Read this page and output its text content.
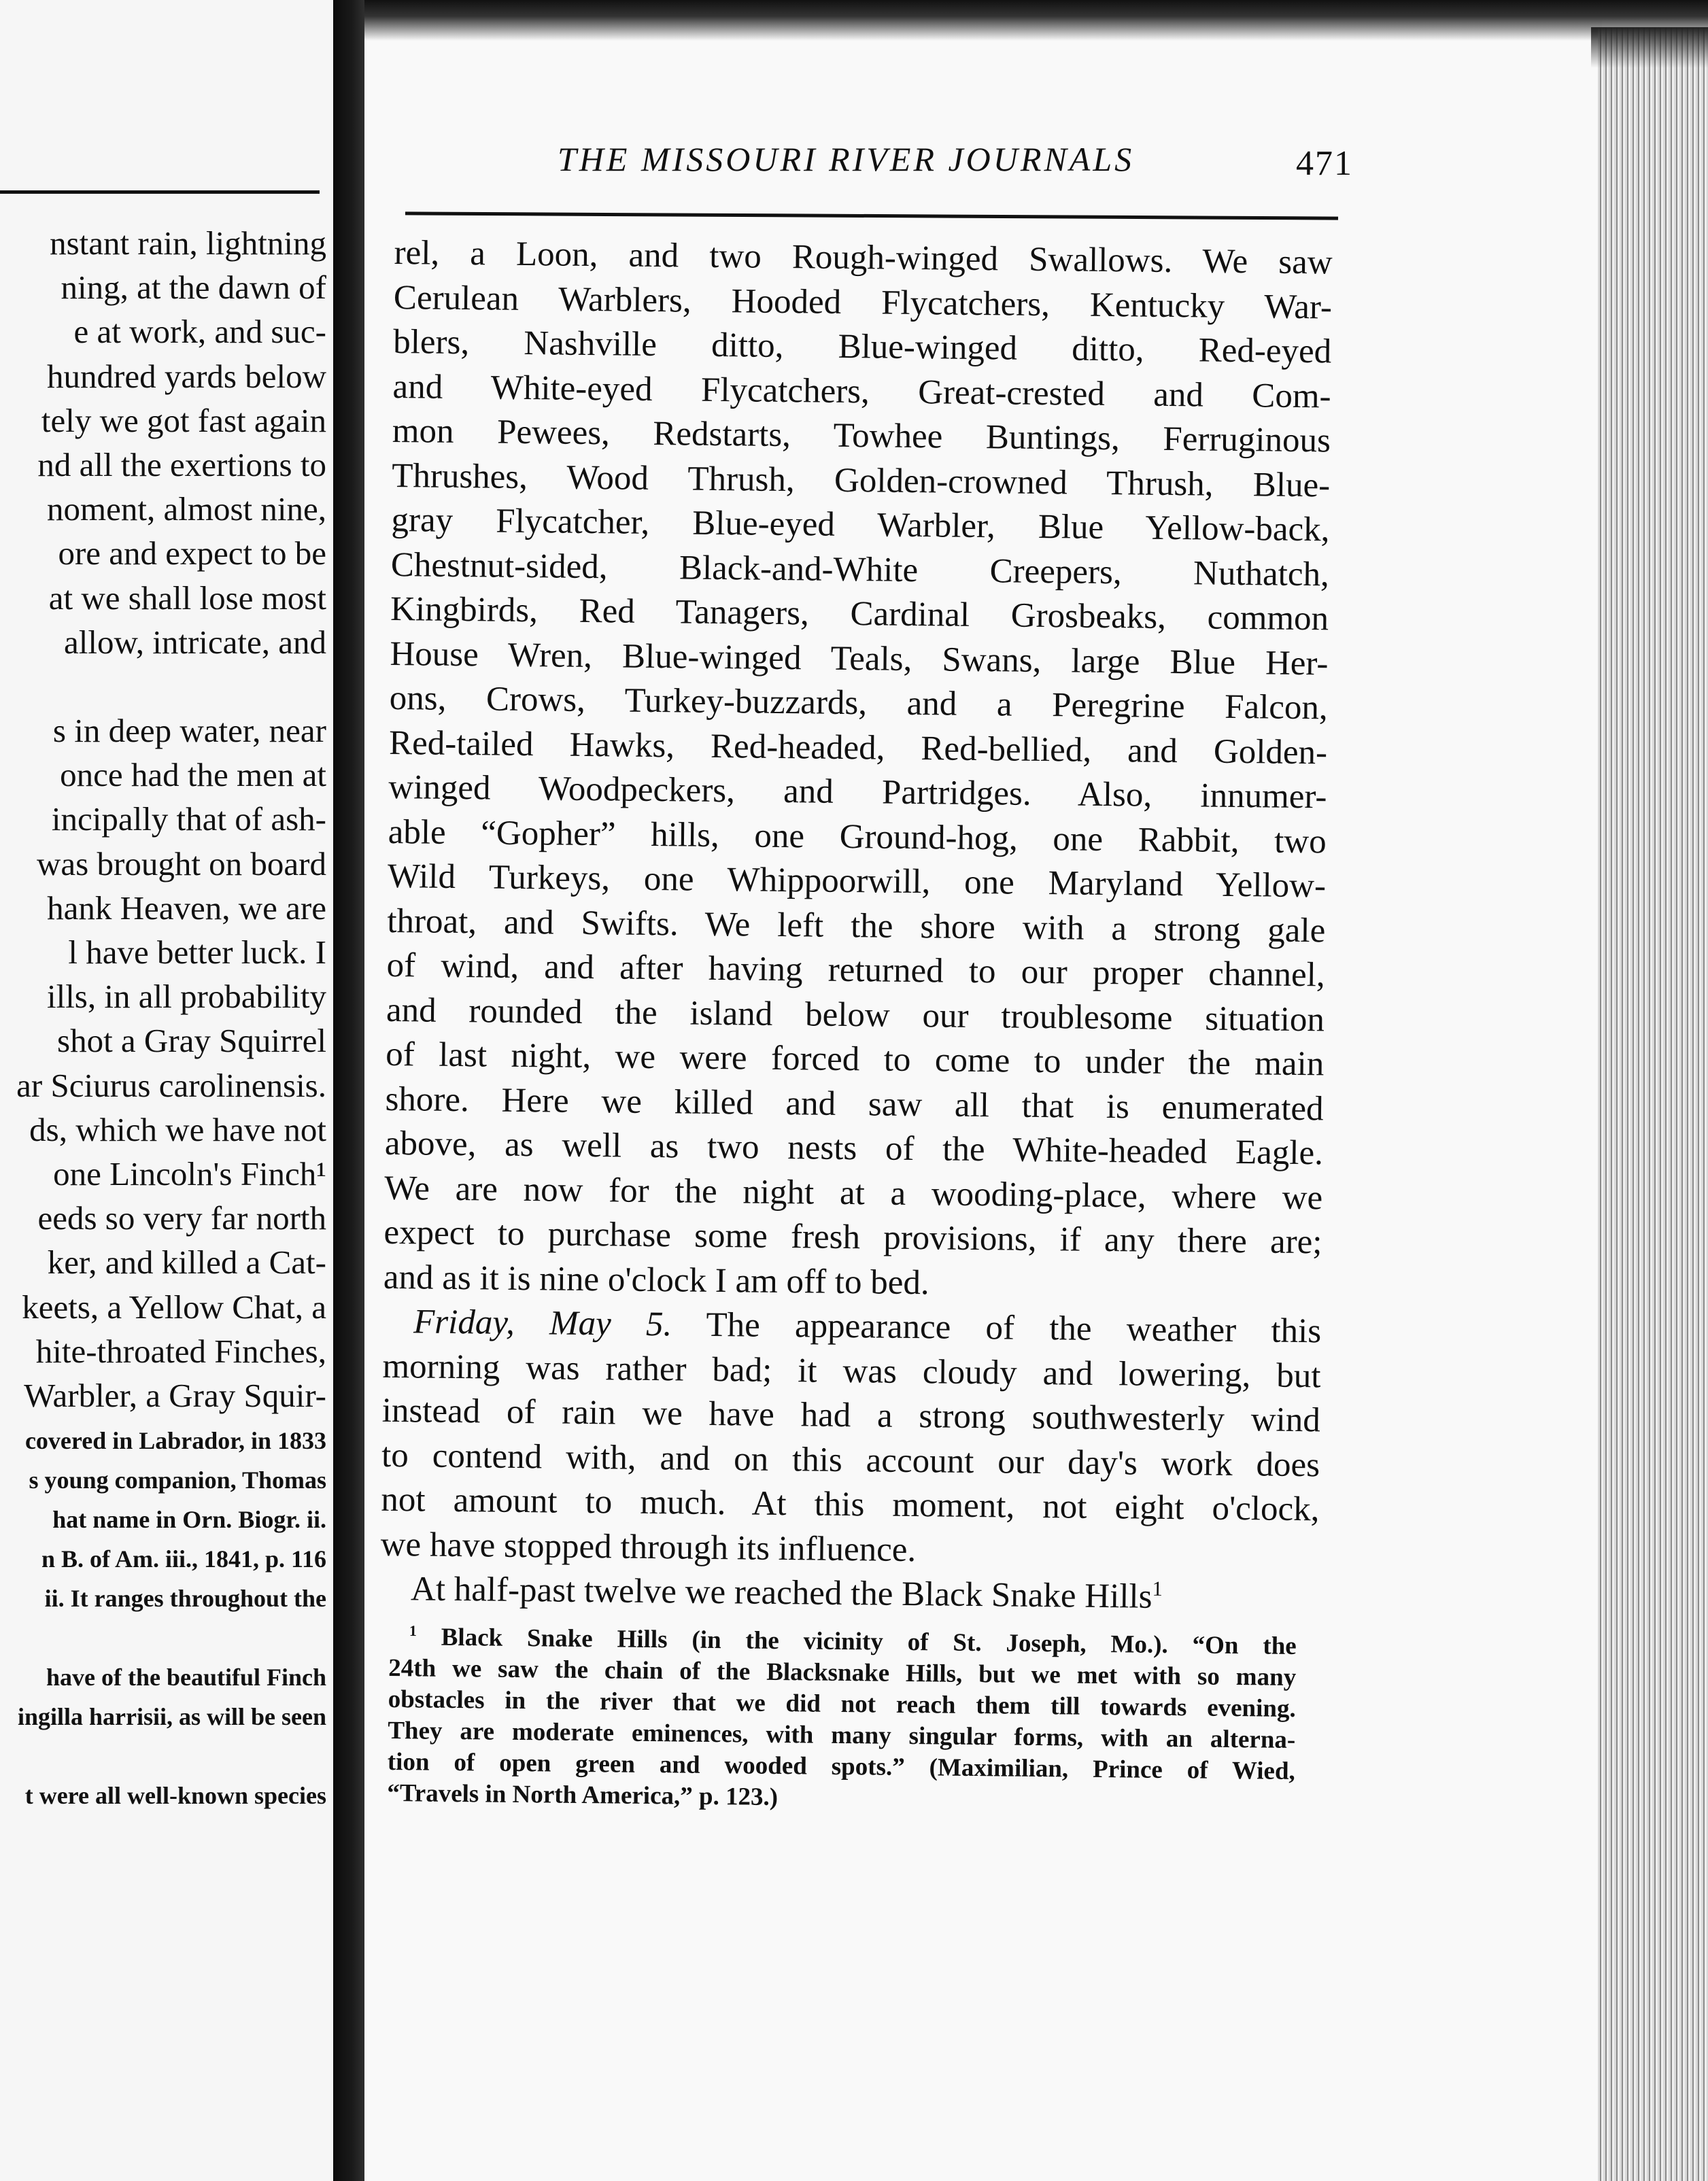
nstant rain, lightning
ning, at the dawn of
e at work, and suc-
hundred yards below
tely we got fast again
nd all the exertions to
noment, almost nine,
ore and expect to be
at we shall lose most
allow, intricate, and
s in deep water, near
once had the men at
incipally that of ash-
was brought on board
hank Heaven, we are
l have better luck. I
ills, in all probability
shot a Gray Squirrel
ar Sciurus carolinensis.
ds, which we have not
one Lincoln's Finch¹
eeds so very far north
ker, and killed a Cat-
keets, a Yellow Chat, a
hite-throated Finches,
Warbler, a Gray Squir-
covered in Labrador, in 1833
s young companion, Thomas
hat name in Orn. Biogr. ii.
n B. of Am. iii., 1841, p. 116
ii. It ranges throughout the
have of the beautiful Finch
ingilla harrisii, as will be seen
t were all well-known species
THE MISSOURI RIVER JOURNALS	471
rel, a Loon, and two Rough-winged Swallows. We saw
Cerulean Warblers, Hooded Flycatchers, Kentucky War-
blers, Nashville ditto, Blue-winged ditto, Red-eyed
and White-eyed Flycatchers, Great-crested and Com-
mon Pewees, Redstarts, Towhee Buntings, Ferruginous
Thrushes, Wood Thrush, Golden-crowned Thrush, Blue-
gray Flycatcher, Blue-eyed Warbler, Blue Yellow-back,
Chestnut-sided, Black-and-White Creepers, Nuthatch,
Kingbirds, Red Tanagers, Cardinal Grosbeaks, common
House Wren, Blue-winged Teals, Swans, large Blue Her-
ons, Crows, Turkey-buzzards, and a Peregrine Falcon,
Red-tailed Hawks, Red-headed, Red-bellied, and Golden-
winged Woodpeckers, and Partridges. Also, innumer-
able “Gopher” hills, one Ground-hog, one Rabbit, two
Wild Turkeys, one Whippoorwill, one Maryland Yellow-
throat, and Swifts. We left the shore with a strong gale
of wind, and after having returned to our proper channel,
and rounded the island below our troublesome situation
of last night, we were forced to come to under the main
shore. Here we killed and saw all that is enumerated
above, as well as two nests of the White-headed Eagle.
We are now for the night at a wooding-place, where we
expect to purchase some fresh provisions, if any there are;
and as it is nine o'clock I am off to bed.
Friday, May 5. The appearance of the weather this
morning was rather bad; it was cloudy and lowering, but
instead of rain we have had a strong southwesterly wind
to contend with, and on this account our day's work does
not amount to much. At this moment, not eight o'clock,
we have stopped through its influence.
At half-past twelve we reached the Black Snake Hills$^1$
$^1$ Black Snake Hills (in the vicinity of St. Joseph, Mo.). “On the
24th we saw the chain of the Blacksnake Hills, but we met with so many
obstacles in the river that we did not reach them till towards evening.
They are moderate eminences, with many singular forms, with an alterna-
tion of open green and wooded spots.” (Maximilian, Prince of Wied,
“Travels in North America,” p. 123.)
